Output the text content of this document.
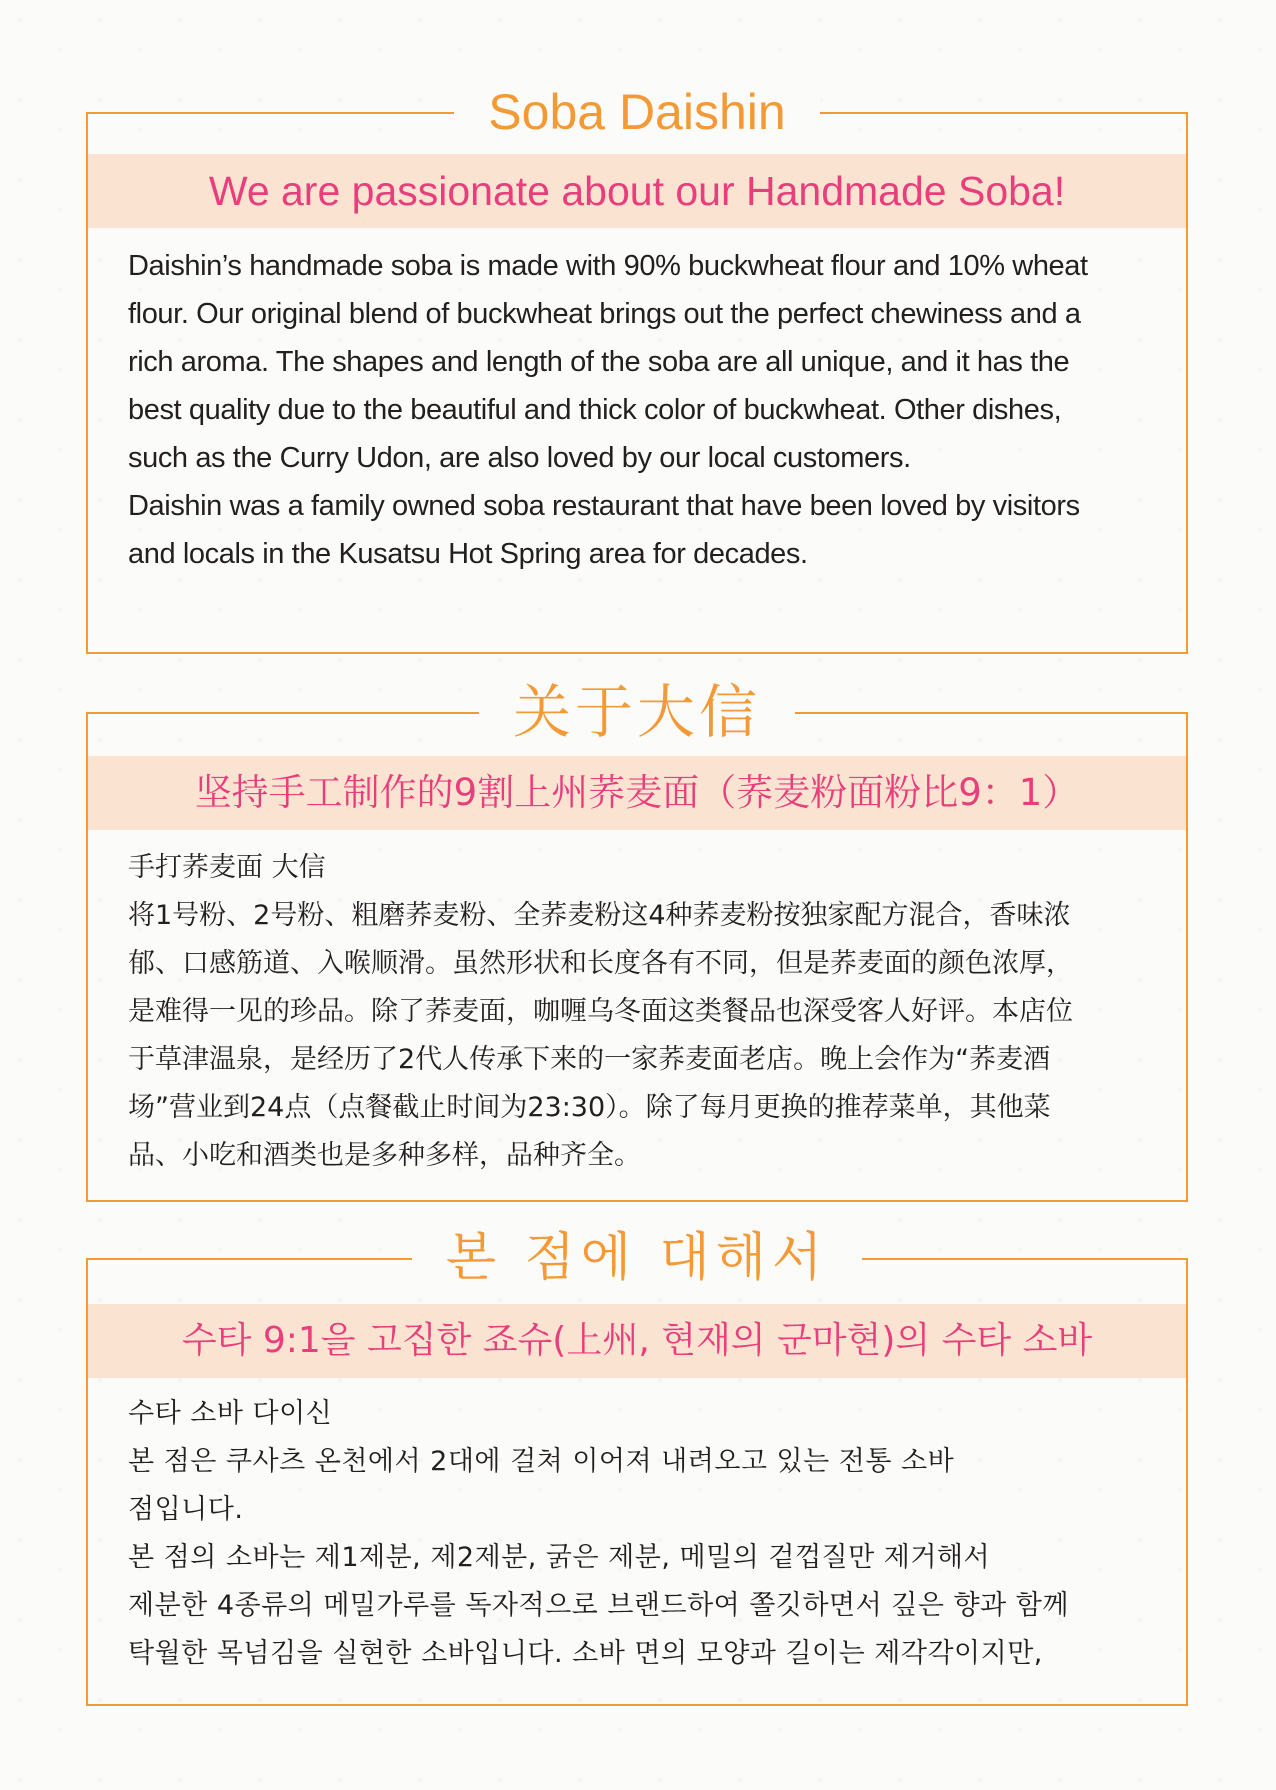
Soba Daishin
We are passionate about our Handmade Soba!
Daishin’s handmade soba is made with 90% buckwheat flour and 10% wheat
flour. Our original blend of buckwheat brings out the perfect chewiness and a
rich aroma. The shapes and length of the soba are all unique, and it has the
best quality due to the beautiful and thick color of buckwheat. Other dishes,
such as the Curry Udon, are also loved by our local customers.
Daishin was a family owned soba restaurant that have been loved by visitors
and locals in the Kusatsu Hot Spring area for decades.
关于大信
坚持手工制作的9割上州荞麦面（荞麦粉面粉比9：1）
手打荞麦面 大信
将1号粉、2号粉、粗磨荞麦粉、全荞麦粉这4种荞麦粉按独家配方混合，香味浓
郁、口感筋道、入喉顺滑。虽然形状和长度各有不同，但是荞麦面的颜色浓厚，
是难得一见的珍品。除了荞麦面，咖喱乌冬面这类餐品也深受客人好评。本店位
于草津温泉，是经历了2代人传承下来的一家荞麦面老店。晚上会作为“荞麦酒
场”营业到24点（点餐截止时间为23:30）。除了每月更换的推荐菜单，其他菜
品、小吃和酒类也是多种多样，品种齐全。
본 점에 대해서
수타 9:1을 고집한 죠슈(上州, 현재의 군마현)의 수타 소바
수타 소바 다이신
본 점은 쿠사츠 온천에서 2대에 걸쳐 이어져 내려오고 있는 전통 소바
점입니다.
본 점의 소바는 제1제분, 제2제분, 굵은 제분, 메밀의 겉껍질만 제거해서
제분한 4종류의 메밀가루를 독자적으로 브랜드하여 쫄깃하면서 깊은 향과 함께
탁월한 목넘김을 실현한 소바입니다. 소바 면의 모양과 길이는 제각각이지만,
